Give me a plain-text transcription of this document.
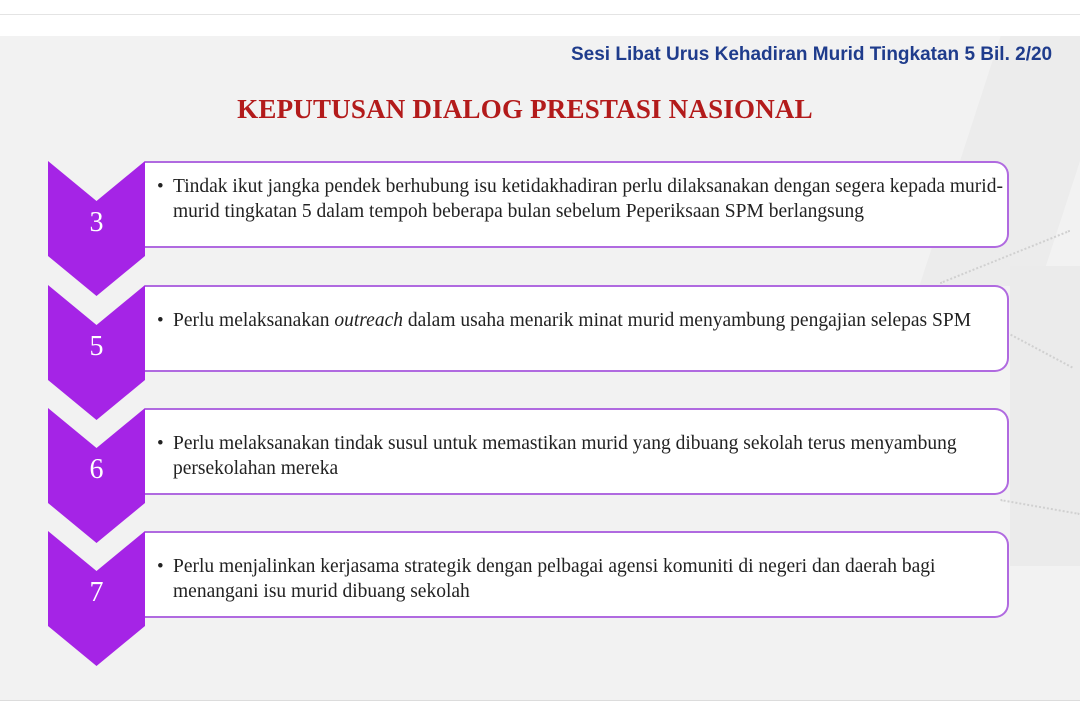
Sesi Libat Urus Kehadiran Murid Tingkatan 5 Bil. 2/20
KEPUTUSAN DIALOG PRESTASI NASIONAL
3
• Tindak ikut jangka pendek berhubung isu ketidakhadiran perlu dilaksanakan dengan segera kepada murid-murid tingkatan 5 dalam tempoh beberapa bulan sebelum Peperiksaan SPM berlangsung
5
• Perlu melaksanakan outreach dalam usaha menarik minat murid menyambung pengajian selepas SPM
6
• Perlu melaksanakan tindak susul untuk memastikan murid yang dibuang sekolah terus menyambung persekolahan mereka
7
• Perlu menjalinkan kerjasama strategik dengan pelbagai agensi komuniti di negeri dan daerah bagi menangani isu murid dibuang sekolah
